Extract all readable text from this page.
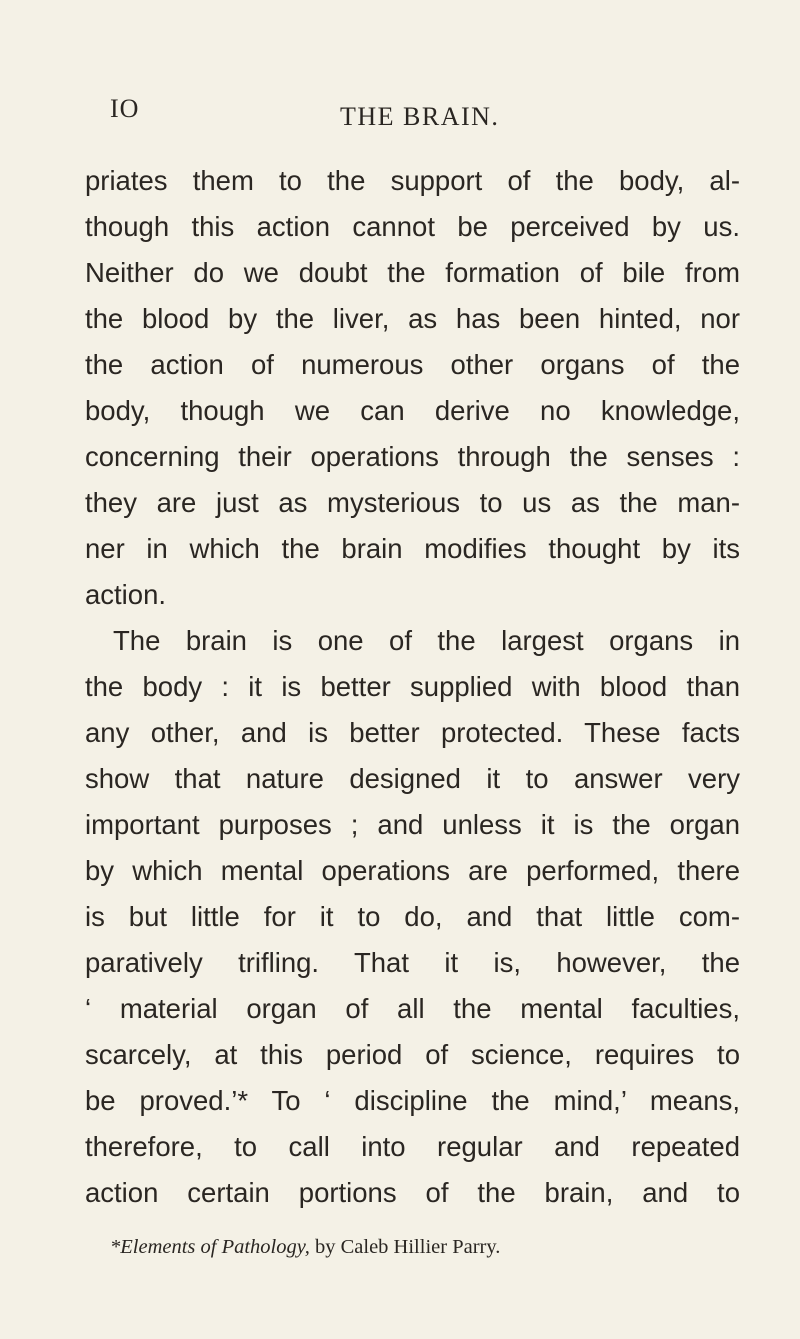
IO	THE BRAIN.
priates them to the support of the body, al-
though this action cannot be perceived by us.
Neither do we doubt the formation of bile from
the blood by the liver, as has been hinted, nor
the action of numerous other organs of the
body, though we can derive no knowledge,
concerning their operations through the senses :
they are just as mysterious to us as the man-
ner in which the brain modifies thought by its
action.
The brain is one of the largest organs in
the body : it is better supplied with blood than
any other, and is better protected. These facts
show that nature designed it to answer very
important purposes ; and unless it is the organ
by which mental operations are performed, there
is but little for it to do, and that little com-
paratively trifling. That it is, however, the
‘ material organ of all the mental faculties,
scarcely, at this period of science, requires to
be proved.’* To ‘ discipline the mind,’ means,
therefore, to call into regular and repeated
action certain portions of the brain, and to
*Elements of Pathology, by Caleb Hillier Parry.
